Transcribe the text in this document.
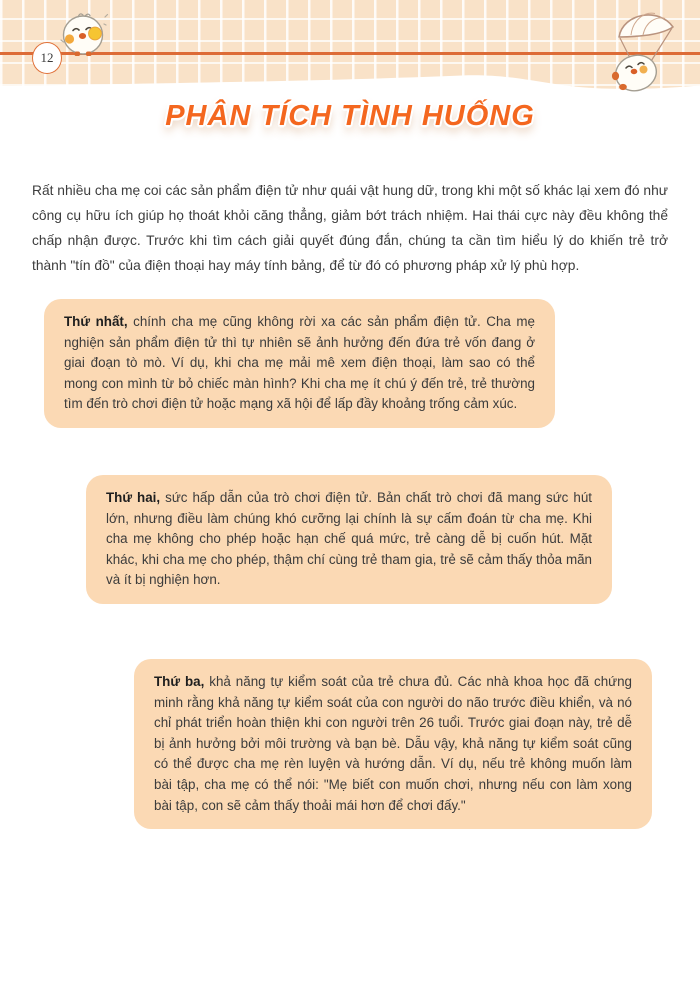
12
PHÂN TÍCH TÌNH HUỐNG

Rất nhiều cha mẹ coi các sản phẩm điện tử như quái vật hung dữ, trong khi một số khác lại xem đó như công cụ hữu ích giúp họ thoát khỏi căng thẳng, giảm bớt trách nhiệm. Hai thái cực này đều không thể chấp nhận được. Trước khi tìm cách giải quyết đúng đắn, chúng ta cần tìm hiểu lý do khiến trẻ trở thành "tín đồ" của điện thoại hay máy tính bảng, để từ đó có phương pháp xử lý phù hợp.

Thứ nhất, chính cha mẹ cũng không rời xa các sản phẩm điện tử. Cha mẹ nghiện sản phẩm điện tử thì tự nhiên sẽ ảnh hưởng đến đứa trẻ vốn đang ở giai đoạn tò mò. Ví dụ, khi cha mẹ mải mê xem điện thoại, làm sao có thể mong con mình từ bỏ chiếc màn hình? Khi cha mẹ ít chú ý đến trẻ, trẻ thường tìm đến trò chơi điện tử hoặc mạng xã hội để lấp đầy khoảng trống cảm xúc.

Thứ hai, sức hấp dẫn của trò chơi điện tử. Bản chất trò chơi đã mang sức hút lớn, nhưng điều làm chúng khó cưỡng lại chính là sự cấm đoán từ cha mẹ. Khi cha mẹ không cho phép hoặc hạn chế quá mức, trẻ càng dễ bị cuốn hút. Mặt khác, khi cha mẹ cho phép, thậm chí cùng trẻ tham gia, trẻ sẽ cảm thấy thỏa mãn và ít bị nghiện hơn.

Thứ ba, khả năng tự kiểm soát của trẻ chưa đủ. Các nhà khoa học đã chứng minh rằng khả năng tự kiểm soát của con người do não trước điều khiển, và nó chỉ phát triển hoàn thiện khi con người trên 26 tuổi. Trước giai đoạn này, trẻ dễ bị ảnh hưởng bởi môi trường và bạn bè. Dẫu vậy, khả năng tự kiểm soát cũng có thể được cha mẹ rèn luyện và hướng dẫn. Ví dụ, nếu trẻ không muốn làm bài tập, cha mẹ có thể nói: "Mẹ biết con muốn chơi, nhưng nếu con làm xong bài tập, con sẽ cảm thấy thoải mái hơn để chơi đấy."
